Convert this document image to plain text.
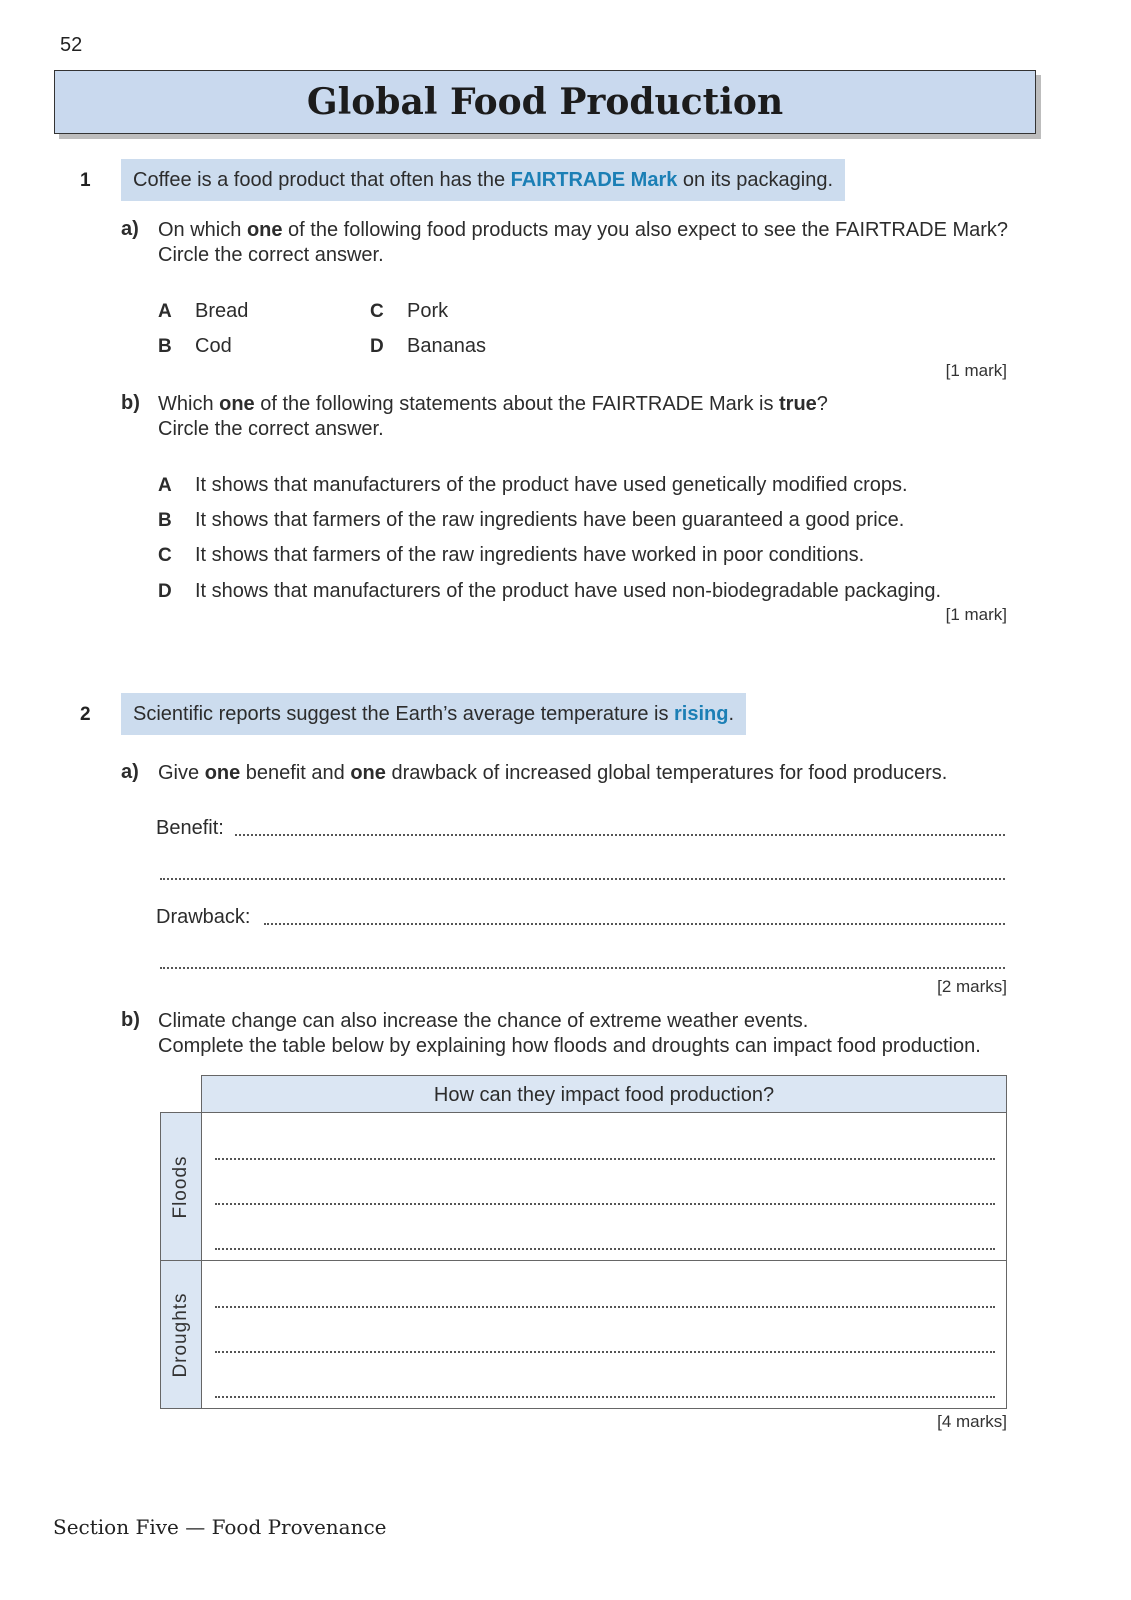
52
Global Food Production
1	Coffee is a food product that often has the FAIRTRADE Mark on its packaging.
a) On which one of the following food products may you also expect to see the FAIRTRADE Mark?
Circle the correct answer.
A Bread
B Cod
C Pork
D Bananas
[1 mark]
b) Which one of the following statements about the FAIRTRADE Mark is true?
Circle the correct answer.
A It shows that manufacturers of the product have used genetically modified crops.
B It shows that farmers of the raw ingredients have been guaranteed a good price.
C It shows that farmers of the raw ingredients have worked in poor conditions.
D It shows that manufacturers of the product have used non-biodegradable packaging.
[1 mark]
2	Scientific reports suggest the Earth’s average temperature is rising.
a) Give one benefit and one drawback of increased global temperatures for food producers.
Benefit:
Drawback:
[2 marks]
b) Climate change can also increase the chance of extreme weather events.
Complete the table below by explaining how floods and droughts can impact food production.
How can they impact food production?
Floods
Droughts
[4 marks]
Section Five — Food Provenance
